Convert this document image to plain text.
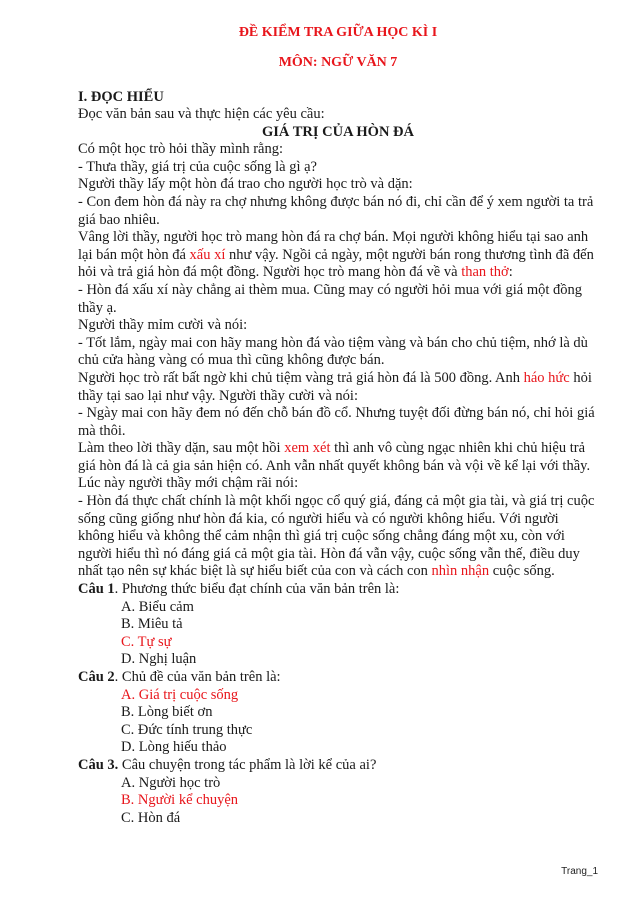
ĐỀ KIỂM TRA GIỮA HỌC KÌ I
MÔN: NGỮ VĂN 7
I. ĐỌC HIỂU

Đọc văn bản sau và thực hiện các yêu cầu:

GIÁ TRỊ CỦA HÒN ĐÁ

Có một học trò hỏi thầy mình rằng:

- Thưa thầy, giá trị của cuộc sống là gì ạ?

Người thầy lấy một hòn đá trao cho người học trò và dặn:

- Con đem hòn đá này ra chợ nhưng không được bán nó đi, chỉ cần để ý xem người ta trả giá bao nhiêu.

Vâng lời thầy, người học trò mang hòn đá ra chợ bán. Mọi người không hiểu tại sao anh lại bán một hòn đá xấu xí như vậy. Ngồi cả ngày, một người bán rong thương tình đã đến hỏi và trả giá hòn đá một đồng. Người học trò mang hòn đá về và than thở:

- Hòn đá xấu xí này chẳng ai thèm mua. Cũng may có người hỏi mua với giá một đồng thầy ạ.

Người thầy mỉm cười và nói:

- Tốt lắm, ngày mai con hãy mang hòn đá vào tiệm vàng và bán cho chủ tiệm, nhớ là dù chủ cửa hàng vàng có mua thì cũng không được bán.

Người học trò rất bất ngờ khi chủ tiệm vàng trả giá hòn đá là 500 đồng. Anh háo hức hỏi thầy tại sao lại như vậy. Người thầy cười và nói:

- Ngày mai con hãy đem nó đến chỗ bán đồ cổ. Nhưng tuyệt đối đừng bán nó, chỉ hỏi giá mà thôi.

Làm theo lời thầy dặn, sau một hồi xem xét thì anh vô cùng ngạc nhiên khi chủ hiệu trả giá hòn đá là cả gia sản hiện có. Anh vẫn nhất quyết không bán và vội về kể lại với thầy. Lúc này người thầy mới chậm rãi nói:

- Hòn đá thực chất chính là một khối ngọc cổ quý giá, đáng cả một gia tài, và giá trị cuộc sống cũng giống như hòn đá kia, có người hiểu và có người không hiểu. Với người không hiểu và không thể cảm nhận thì giá trị cuộc sống chẳng đáng một xu, còn với người hiểu thì nó đáng giá cả một gia tài. Hòn đá vẫn vậy, cuộc sống vẫn thế, điều duy nhất tạo nên sự khác biệt là sự hiểu biết của con và cách con nhìn nhận cuộc sống.

Câu 1. Phương thức biểu đạt chính của văn bản trên là:

A. Biểu cảm

B. Miêu tả

C. Tự sự

D. Nghị luận

Câu 2. Chủ đề của văn bản trên là:

A. Giá trị cuộc sống

B. Lòng biết ơn

C. Đức tính trung thực

D. Lòng hiếu thảo

Câu 3. Câu chuyện trong tác phẩm là lời kể của ai?

A. Người học trò

B. Người kể chuyện

C. Hòn đá

Trang_1
